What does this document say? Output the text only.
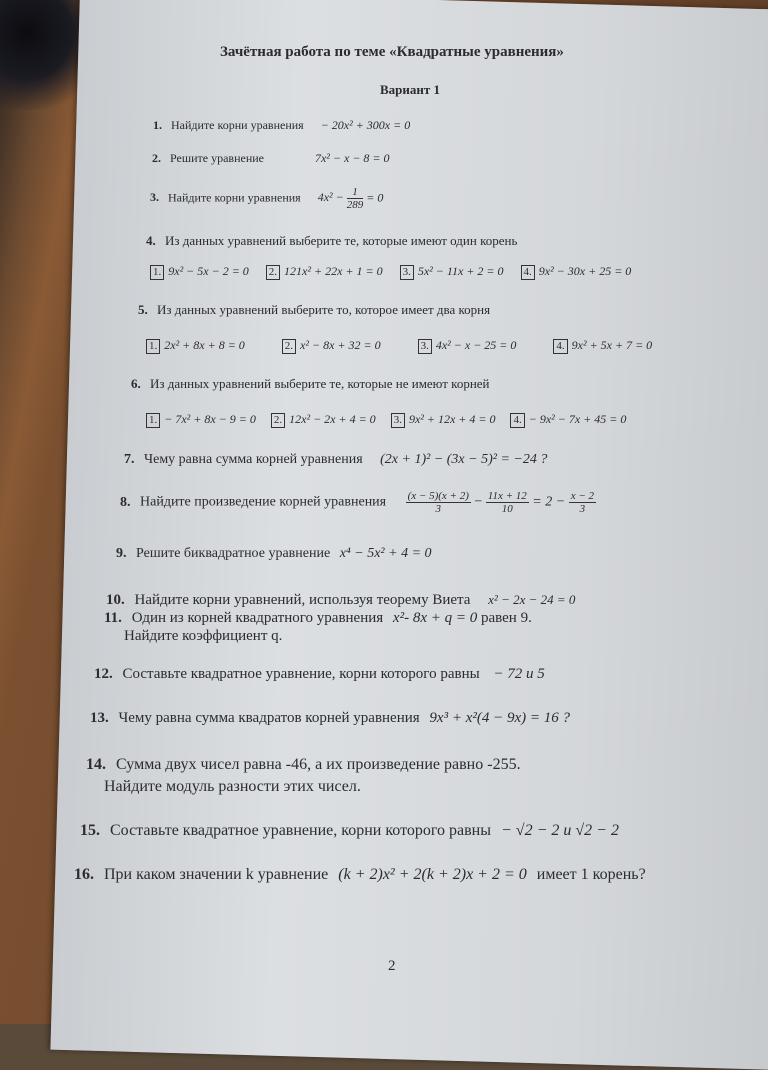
Зачётная работа по теме «Квадратные уравнения»
Вариант 1
1. Найдите корни уравнения − 20x² + 300x = 0
2. Решите уравнение	7x² − x − 8 = 0
3. Найдите корни уравнения $4x^2 - \frac{1}{289} = 0$
4. Из данных уравнений выберите те, которые имеют один корень
1. 9x² − 5x − 2 = 0 2. 121x² + 22x + 1 = 0 3. 5x² − 11x + 2 = 0 4. 9x² − 30x + 25 = 0
5. Из данных уравнений выберите то, которое имеет два корня
1. 2x² + 8x + 8 = 0	2. x² − 8x + 32 = 0	3. 4x² − x − 25 = 0	4. 9x² + 5x + 7 = 0
6. Из данных уравнений выберите те, которые не имеют корней
1. − 7x² + 8x − 9 = 0 2. 12x² − 2x + 4 = 0 3. 9x² + 12x + 4 = 0 4. − 9x² − 7x + 45 = 0
7. Чему равна сумма корней уравнения (2x + 1)² − (3x − 5)² = −24 ?
8. Найдите произведение корней уравнения $\frac{(x - 5)(x + 2)}{3} - \frac{11x + 12}{10} = 2 - \frac{x - 2}{3}$
9. Решите биквадратное уравнение x⁴ − 5x² + 4 = 0
10. Найдите корни уравнений, используя теорему Виета x² − 2x − 24 = 0
11. Один из корней квадратного уравнения x²- 8x + q = 0 равен 9.
Найдите коэффициент q.
12. Составьте квадратное уравнение, корни которого равны − 72 и 5
13. Чему равна сумма квадратов корней уравнения 9x³ + x²(4 − 9x) = 16 ?
14. Сумма двух чисел равна -46, а их произведение равно -255.
Найдите модуль разности этих чисел.
15. Составьте квадратное уравнение, корни которого равны − √2 − 2 и √2 − 2
16. При каком значении k уравнение (k + 2)x² + 2(k + 2)x + 2 = 0 имеет 1 корень?
2
